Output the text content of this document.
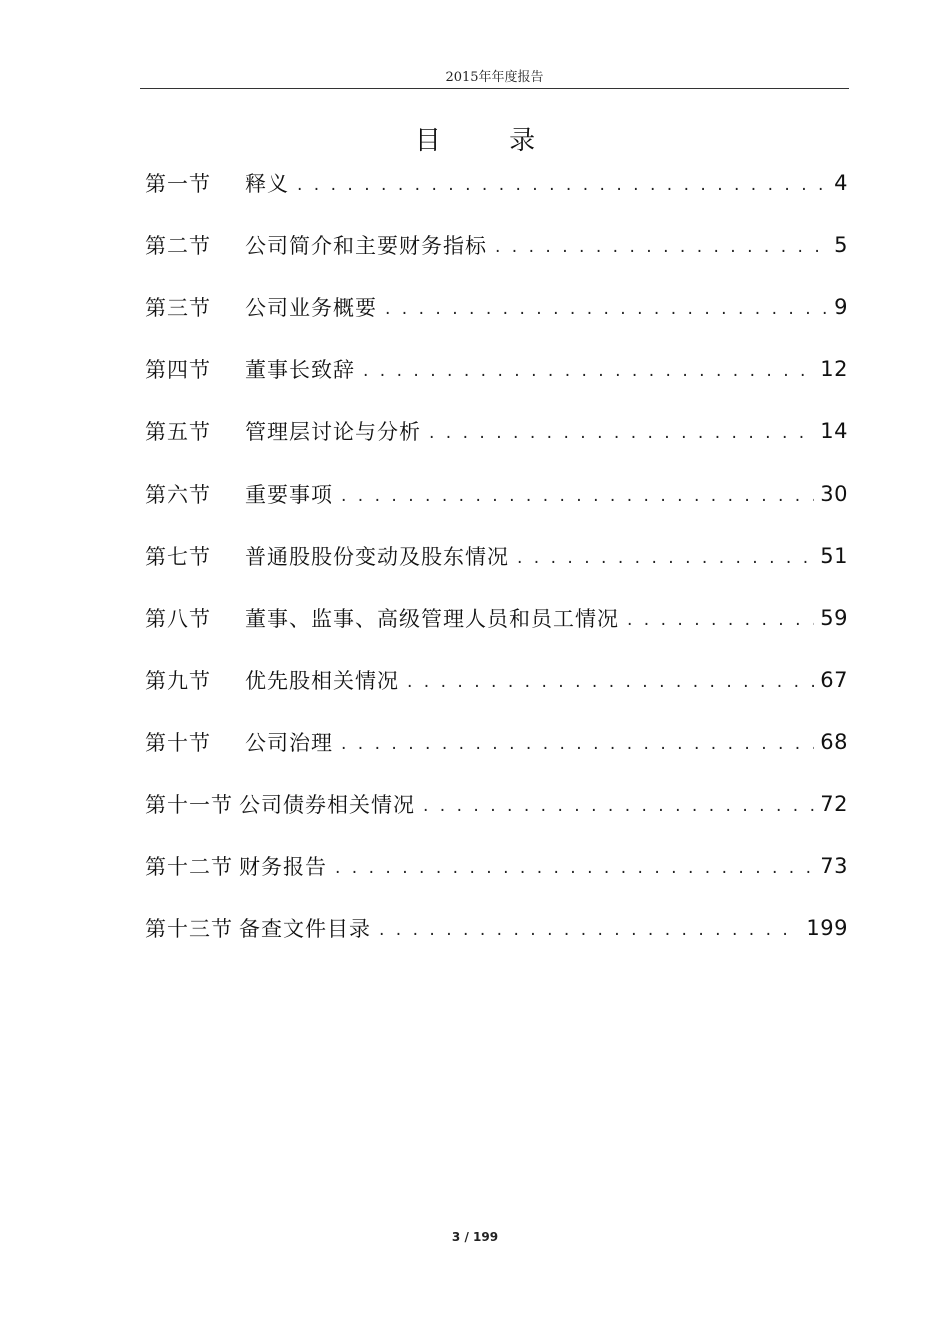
2015年年度报告
目 录
第一节	释义 . . .	4
第二节	公司简介和主要财务指标 . . .	5
第三节	公司业务概要 . . .	9
第四节	董事长致辞 . . .	12
第五节	管理层讨论与分析 . . .	14
第六节	重要事项 . . .	30
第七节	普通股股份变动及股东情况 . . .	51
第八节	董事、监事、高级管理人员和员工情况 . . .	59
第九节	优先股相关情况 . . .	67
第十节	公司治理 . . .	68
第十一节 公司债券相关情况 . . .	72
第十二节 财务报告 . . .	73
第十三节 备查文件目录 . . .	199
3 / 199
